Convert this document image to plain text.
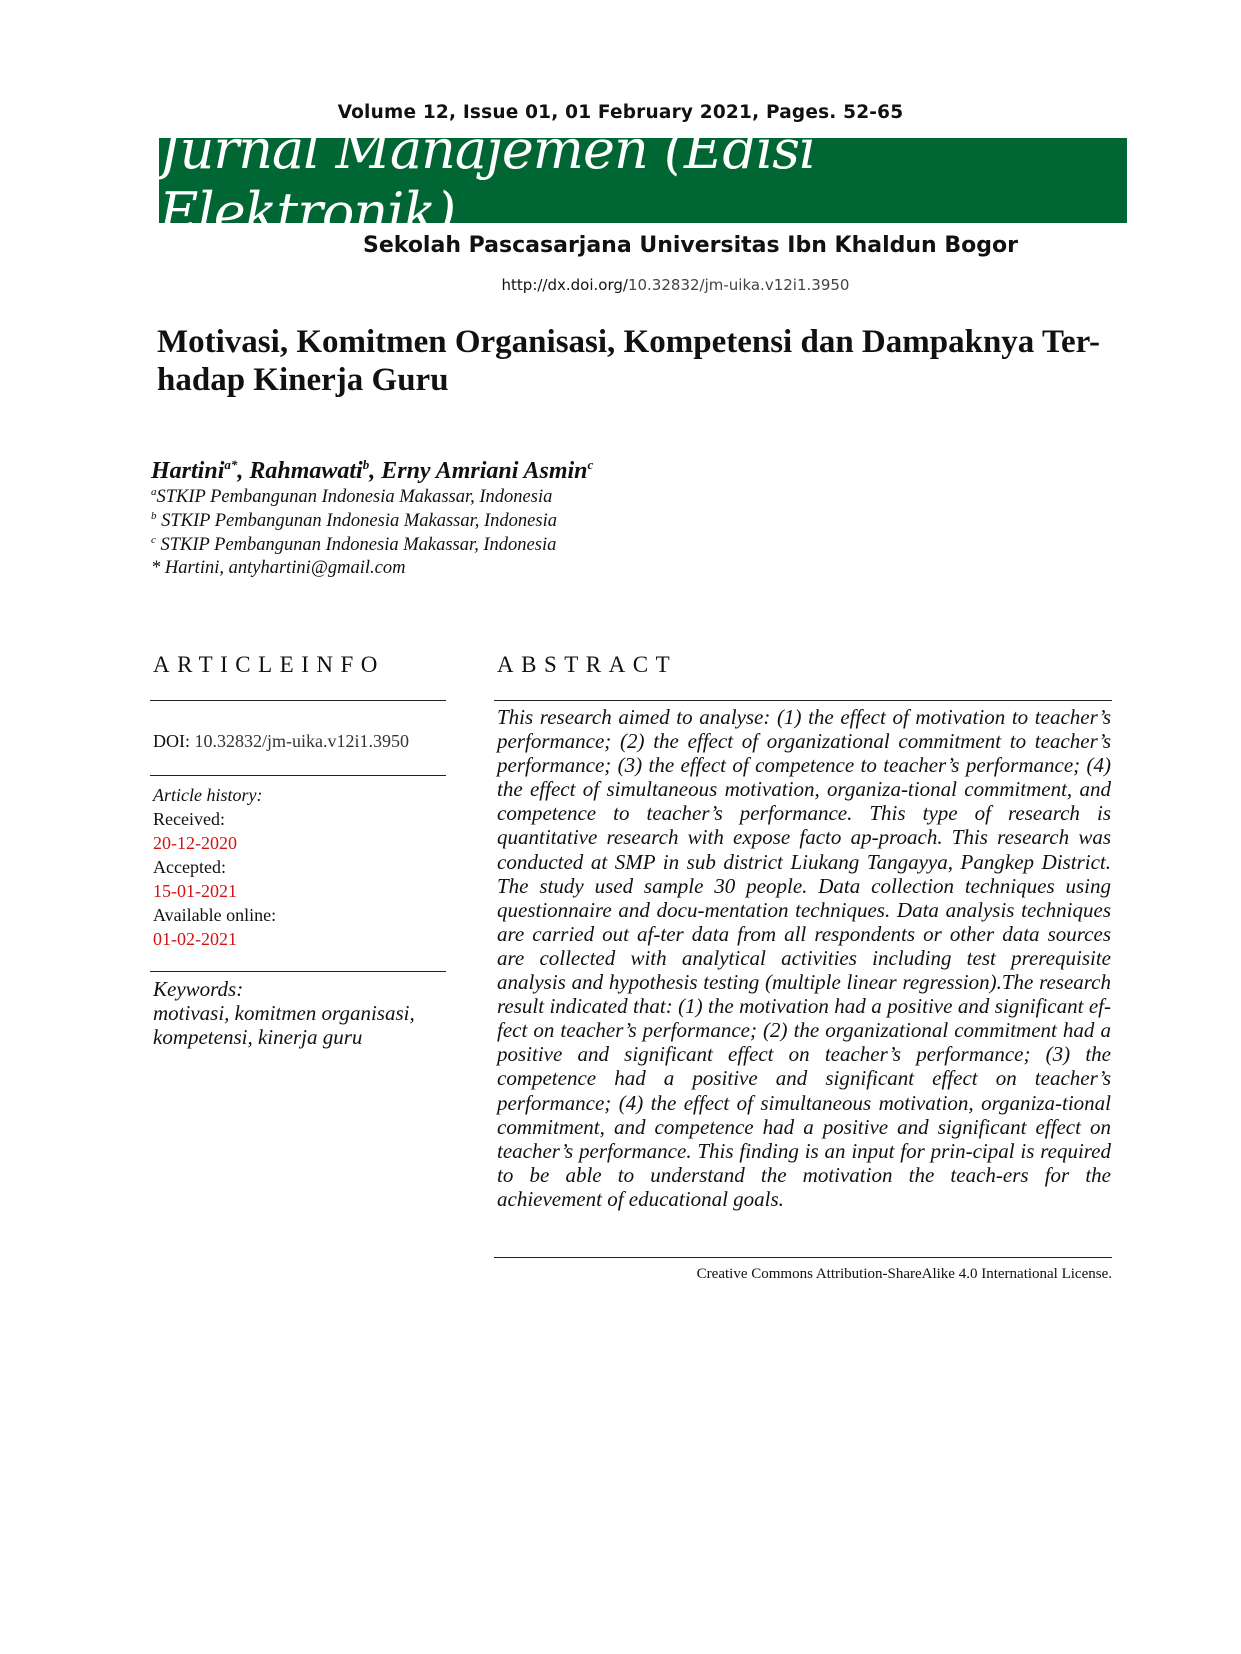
Volume 12, Issue 01, 01 February 2021, Pages. 52-65
Jurnal Manajemen (Edisi Elektronik)
Sekolah Pascasarjana Universitas Ibn Khaldun Bogor
http://dx.doi.org/10.32832/jm-uika.v12i1.3950
Motivasi, Komitmen Organisasi, Kompetensi dan Dampaknya Ter-
hadap Kinerja Guru
Hartini$^{a*}$, Rahmawati$^b$, Erny Amriani Asmin$^c$
$^a$STKIP Pembangunan Indonesia Makassar, Indonesia
$^b$ STKIP Pembangunan Indonesia Makassar, Indonesia
$^c$ STKIP Pembangunan Indonesia Makassar, Indonesia
* Hartini, antyhartini@gmail.com
ARTICLEINFO	ABSTRACT
DOI: 10.32832/jm-uika.v12i1.3950
Article history:
Received:
20-12-2020
Accepted:
15-01-2021
Available online:
01-02-2021
Keywords:
motivasi, komitmen organisasi,
kompetensi, kinerja guru
This research aimed to analyse: (1) the effect of motivation to teacher’s performance; (2) the effect of organizational commitment to teacher’s performance; (3) the effect of competence to teacher’s performance; (4) the effect of simultaneous motivation, organiza-tional commitment, and competence to teacher’s performance. This type of research is quantitative research with expose facto ap-proach. This research was conducted at SMP in sub district Liukang Tangayya, Pangkep District. The study used sample 30 people. Data collection techniques using questionnaire and docu-mentation techniques. Data analysis techniques are carried out af-ter data from all respondents or other data sources are collected with analytical activities including test prerequisite analysis and hypothesis testing (multiple linear regression).The research result indicated that: (1) the motivation had a positive and significant ef-fect on teacher’s performance; (2) the organizational commitment had a positive and significant effect on teacher’s performance; (3) the competence had a positive and significant effect on teacher’s performance; (4) the effect of simultaneous motivation, organiza-tional commitment, and competence had a positive and significant effect on teacher’s performance. This finding is an input for prin-cipal is required to be able to understand the motivation the teach-ers for the achievement of educational goals.
Creative Commons Attribution-ShareAlike 4.0 International License.
